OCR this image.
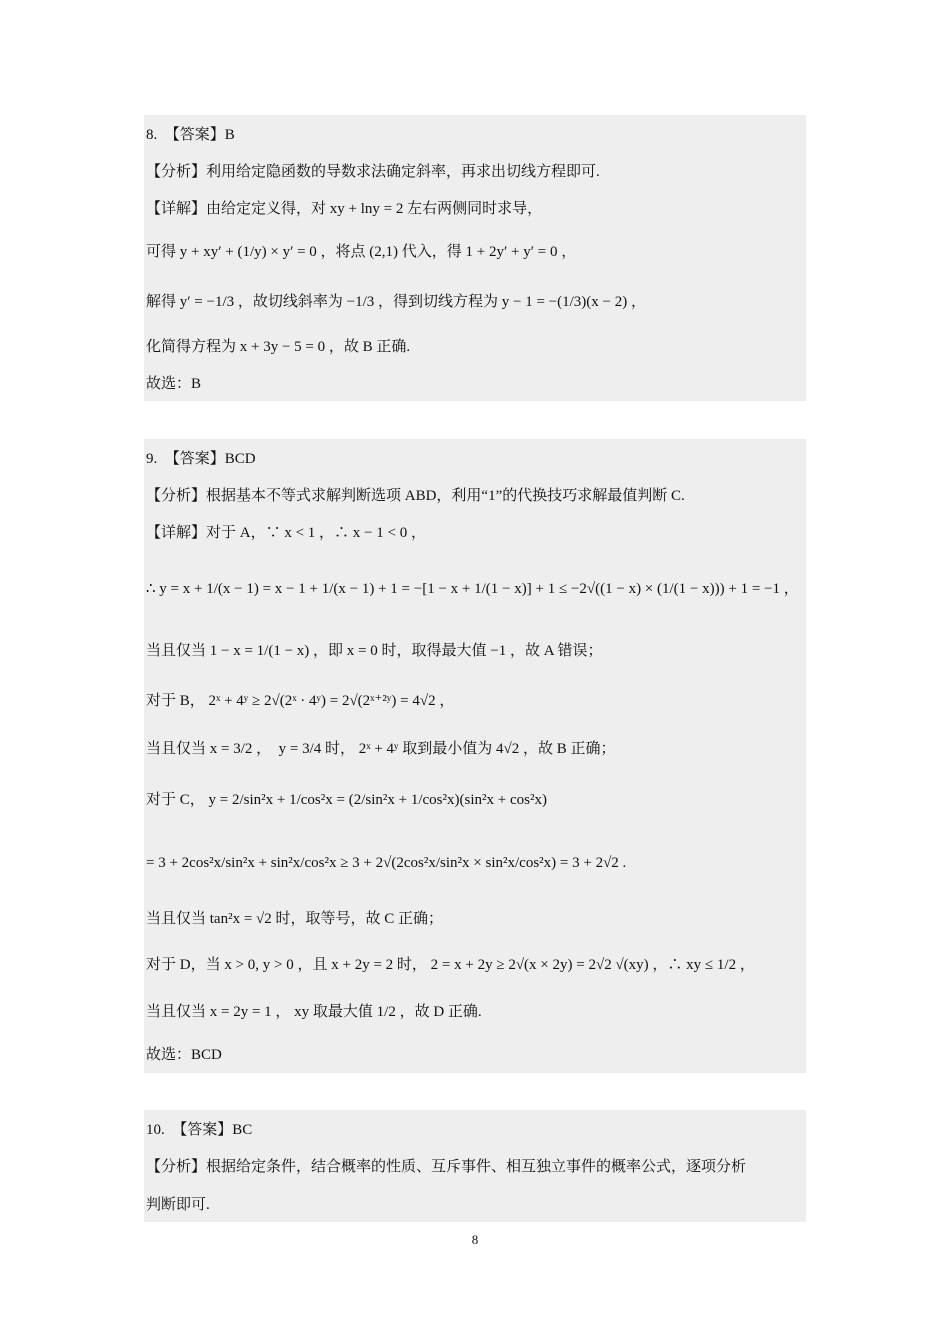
8.　【答案】B
【分析】利用给定隐函数的导数求法确定斜率，再求出切线方程即可.
【详解】由给定定义得，对 xy + lny = 2 左右两侧同时求导，
可得 y + xy′ + (1/y) × y′ = 0 ，将点 (2,1) 代入，得 1 + 2y′ + y′ = 0 ，
解得 y′ = −1/3 ，故切线斜率为 −1/3 ，得到切线方程为 y − 1 = −(1/3)(x − 2) ，
化简得方程为 x + 3y − 5 = 0 ，故 B 正确.
故选：B
9.　【答案】BCD
【分析】根据基本不等式求解判断选项 ABD，利用“1”的代换技巧求解最值判断 C.
【详解】对于 A，∵ x < 1 ，∴ x − 1 < 0 ，
∴ y = x + 1/(x − 1) = x − 1 + 1/(x − 1) + 1 = −[1 − x + 1/(1 − x)] + 1 ≤ −2√((1 − x) × (1/(1 − x))) + 1 = −1 ，
当且仅当 1 − x = 1/(1 − x) ，即 x = 0 时，取得最大值 −1 ，故 A 错误；
对于 B， 2ˣ + 4ʸ ≥ 2√(2ˣ · 4ʸ) = 2√(2ˣ⁺²ʸ) = 4√2 ，
当且仅当 x = 3/2 ，　y = 3/4 时， 2ˣ + 4ʸ 取到最小值为 4√2 ，故 B 正确；
对于 C， y = 2/sin²x + 1/cos²x = (2/sin²x + 1/cos²x)(sin²x + cos²x)
= 3 + 2cos²x/sin²x + sin²x/cos²x ≥ 3 + 2√(2cos²x/sin²x × sin²x/cos²x) = 3 + 2√2 .
当且仅当 tan²x = √2 时，取等号，故 C 正确；
对于 D，当 x > 0, y > 0 ，且 x + 2y = 2 时， 2 = x + 2y ≥ 2√(x × 2y) = 2√2 √(xy) ，∴ xy ≤ 1/2 ，
当且仅当 x = 2y = 1 ， xy 取最大值 1/2 ，故 D 正确.
故选：BCD
10.　【答案】BC
【分析】根据给定条件，结合概率的性质、互斥事件、相互独立事件的概率公式，逐项分析
判断即可.
8
